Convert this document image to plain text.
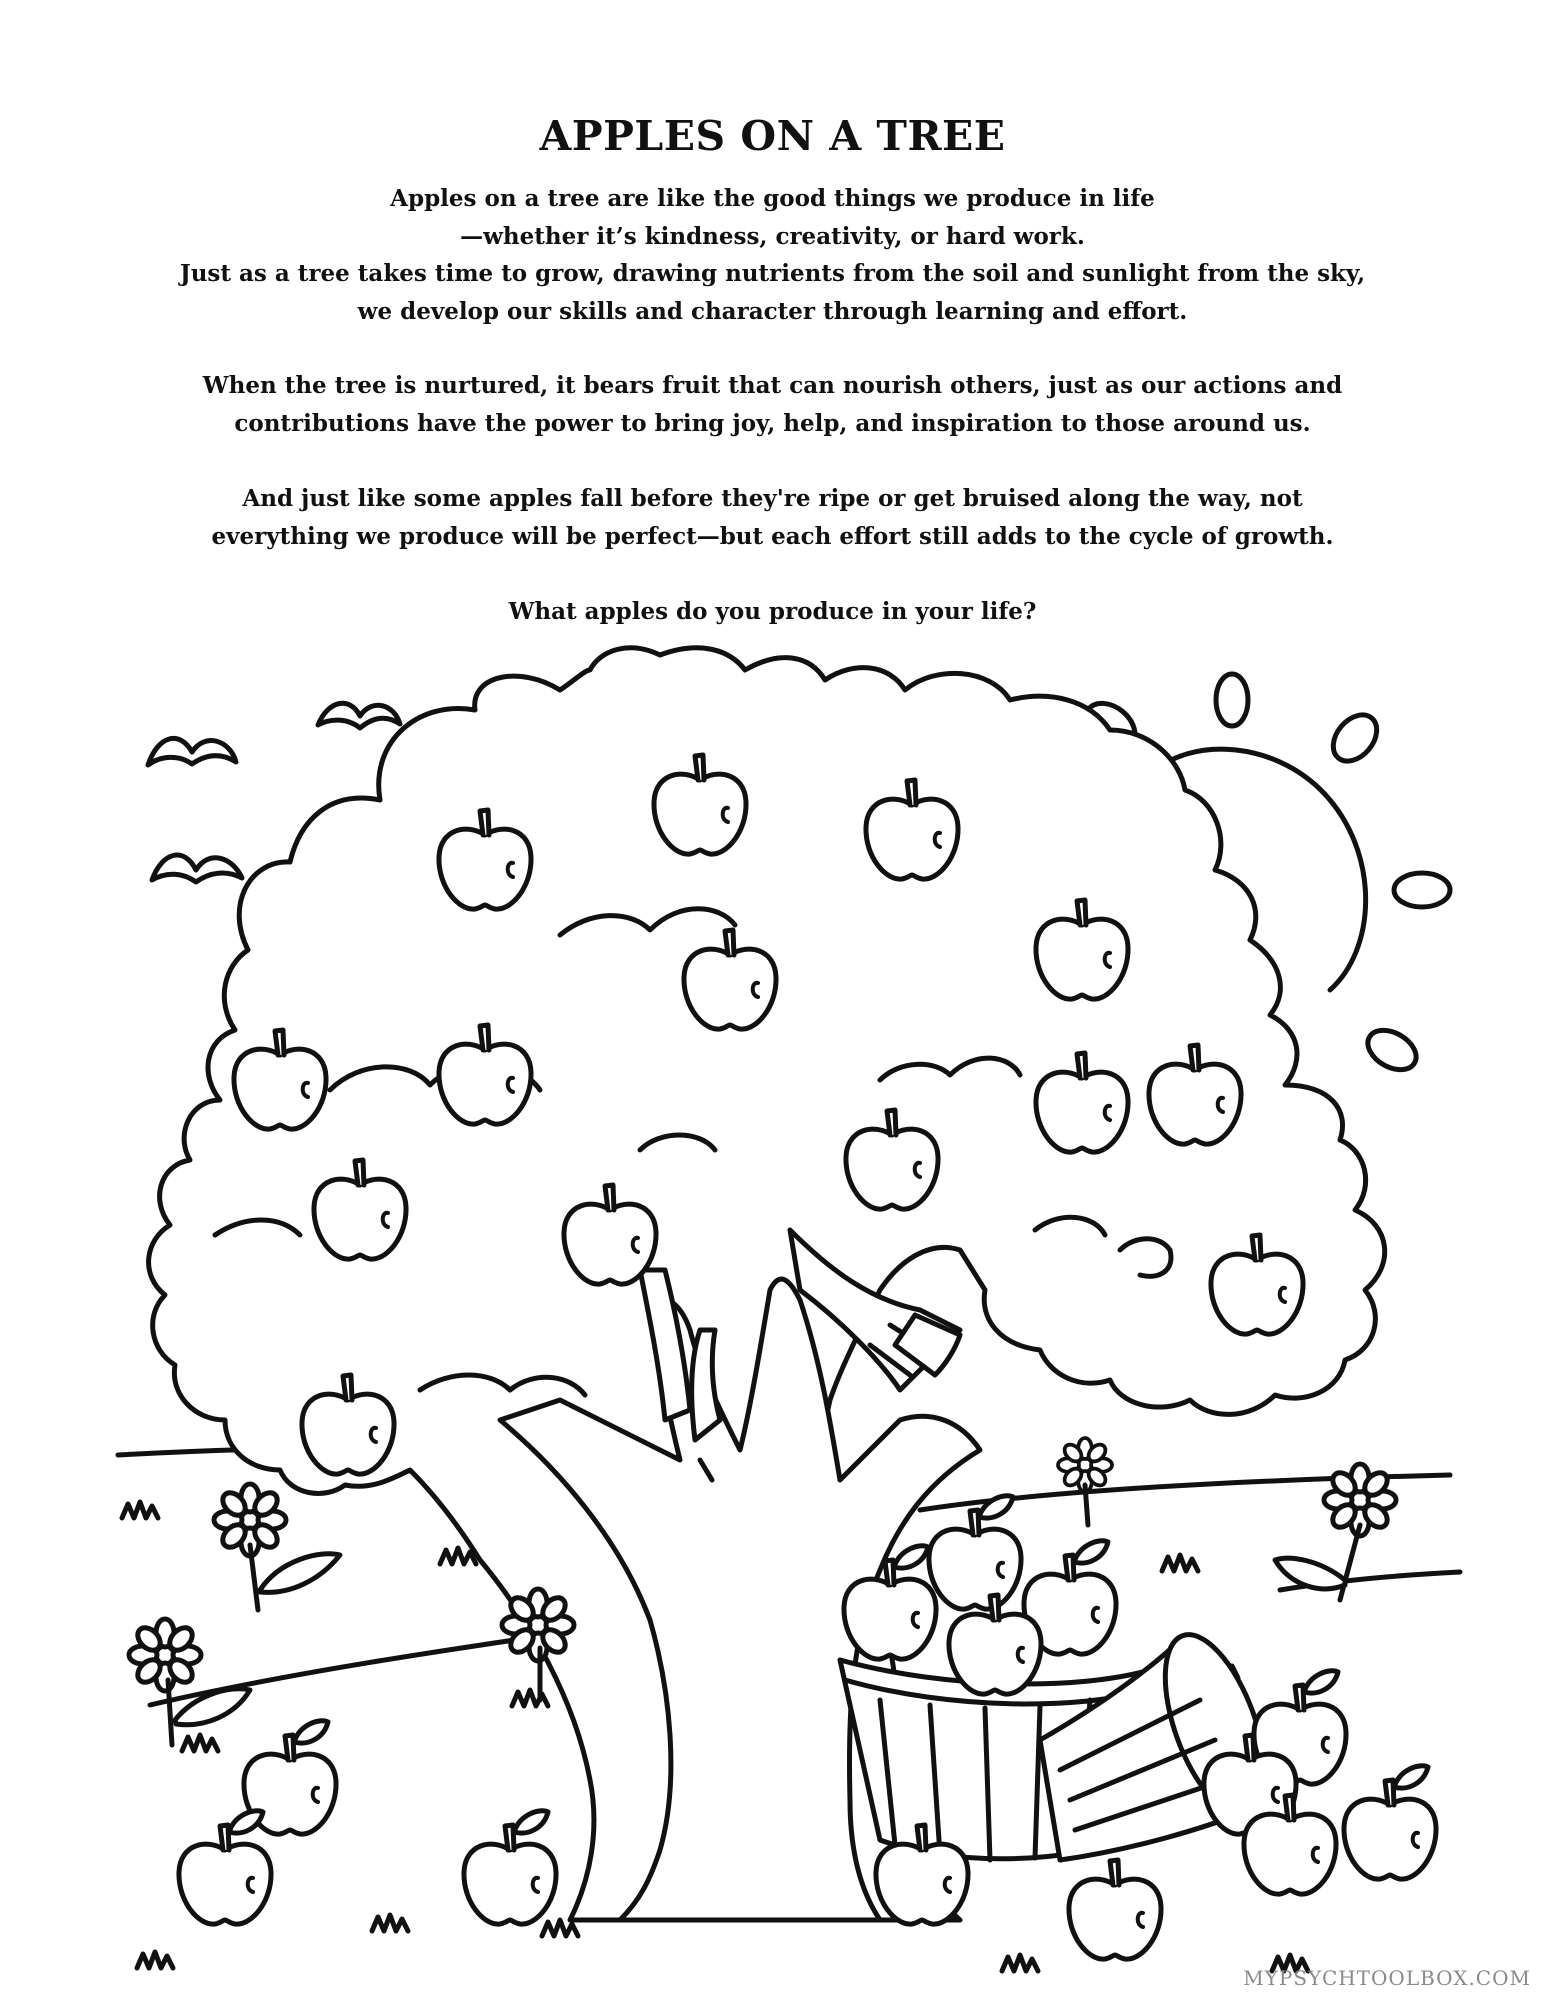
APPLES ON A TREE

Apples on a tree are like the good things we produce in life
—whether it’s kindness, creativity, or hard work.
Just as a tree takes time to grow, drawing nutrients from the soil and sunlight from the sky,
we develop our skills and character through learning and effort.

When the tree is nurtured, it bears fruit that can nourish others, just as our actions and
contributions have the power to bring joy, help, and inspiration to those around us.

And just like some apples fall before they're ripe or get bruised along the way, not
everything we produce will be perfect—but each effort still adds to the cycle of growth.

What apples do you produce in your life?

MYPSYCHTOOLBOX.COM
